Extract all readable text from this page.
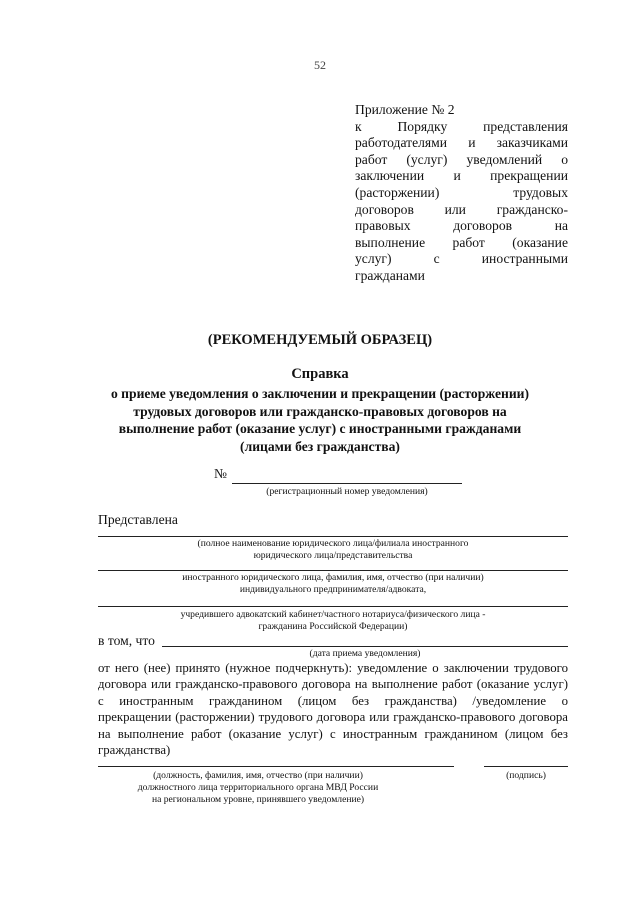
52
Приложение № 2
к	Порядку	представления
работодателями и заказчиками
работ (услуг) уведомлений о
заключении и прекращении
(расторжении)	трудовых
договоров или гражданско-
правовых	договоров	на
выполнение работ (оказание
услуг)	с	иностранными
гражданами
(РЕКОМЕНДУЕМЫЙ ОБРАЗЕЦ)
Справка
о приеме уведомления о заключении и прекращении (расторжении)
трудовых договоров или гражданско-правовых договоров на
выполнение работ (оказание услуг) с иностранными гражданами
(лицами без гражданства)
№
(регистрационный номер уведомления)
Представлена
(полное наименование юридического лица/филиала иностранного
юридического лица/представительства
иностранного юридического лица, фамилия, имя, отчество (при наличии)
индивидуального предпринимателя/адвоката,
учредившего адвокатский кабинет/частного нотариуса/физического лица -
гражданина Российской Федерации)
в том, что
(дата приема уведомления)
от него (нее) принято (нужное подчеркнуть): уведомление о заключении трудового
договора или гражданско-правового договора на выполнение работ (оказание услуг)
с иностранным гражданином (лицом без гражданства) /уведомление о
прекращении (расторжении) трудового договора или гражданско-правового договора
на выполнение работ (оказание услуг) с иностранным гражданином (лицом без
гражданства)
(должность, фамилия, имя, отчество (при наличии)
должностного лица территориального органа МВД России
на региональном уровне, принявшего уведомление)
(подпись)
